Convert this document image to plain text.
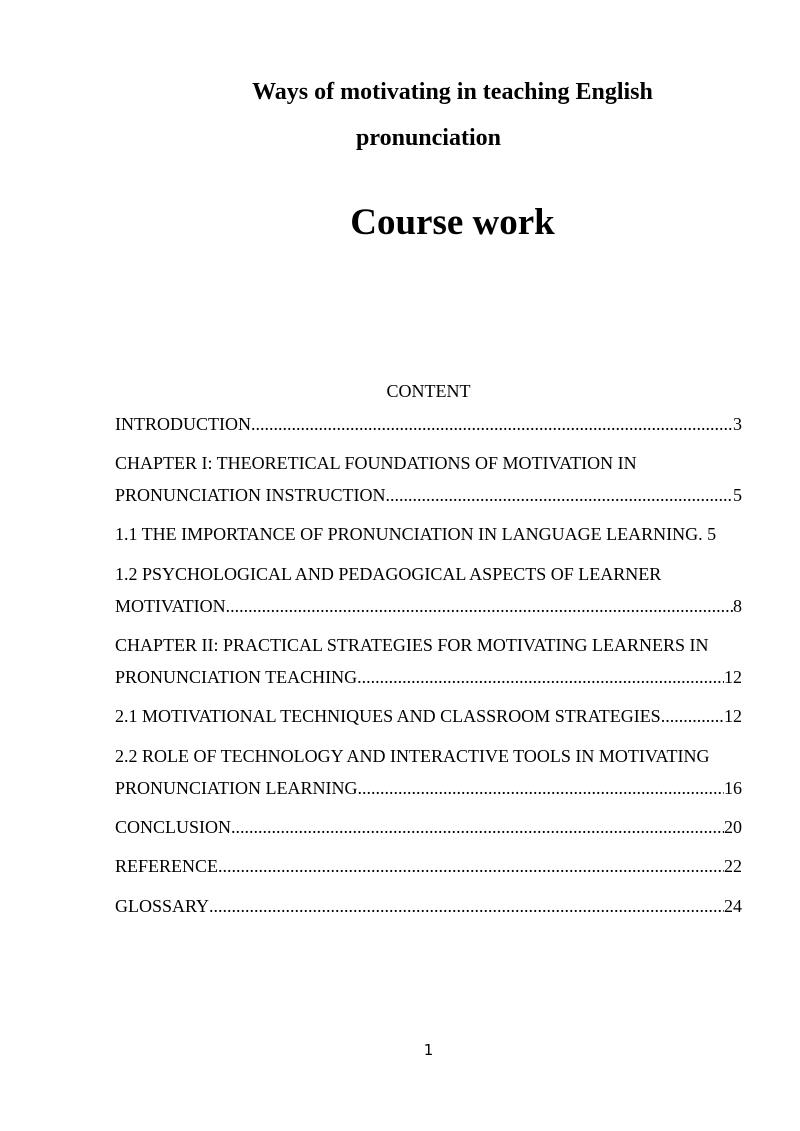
Ways of motivating in teaching English
pronunciation
Course work
CONTENT
INTRODUCTION .....	3
CHAPTER I: THEORETICAL FOUNDATIONS OF MOTIVATION IN
PRONUNCIATION INSTRUCTION .....	5
1.1 THE IMPORTANCE OF PRONUNCIATION IN LANGUAGE LEARNING. 5
1.2 PSYCHOLOGICAL AND PEDAGOGICAL ASPECTS OF LEARNER
MOTIVATION .....	8
CHAPTER II: PRACTICAL STRATEGIES FOR MOTIVATING LEARNERS IN
PRONUNCIATION TEACHING .....	12
2.1 MOTIVATIONAL TECHNIQUES AND CLASSROOM STRATEGIES .....	12
2.2 ROLE OF TECHNOLOGY AND INTERACTIVE TOOLS IN MOTIVATING
PRONUNCIATION LEARNING .....	16
CONCLUSION .....	20
REFERENCE .....	22
GLOSSARY .....	24
1
